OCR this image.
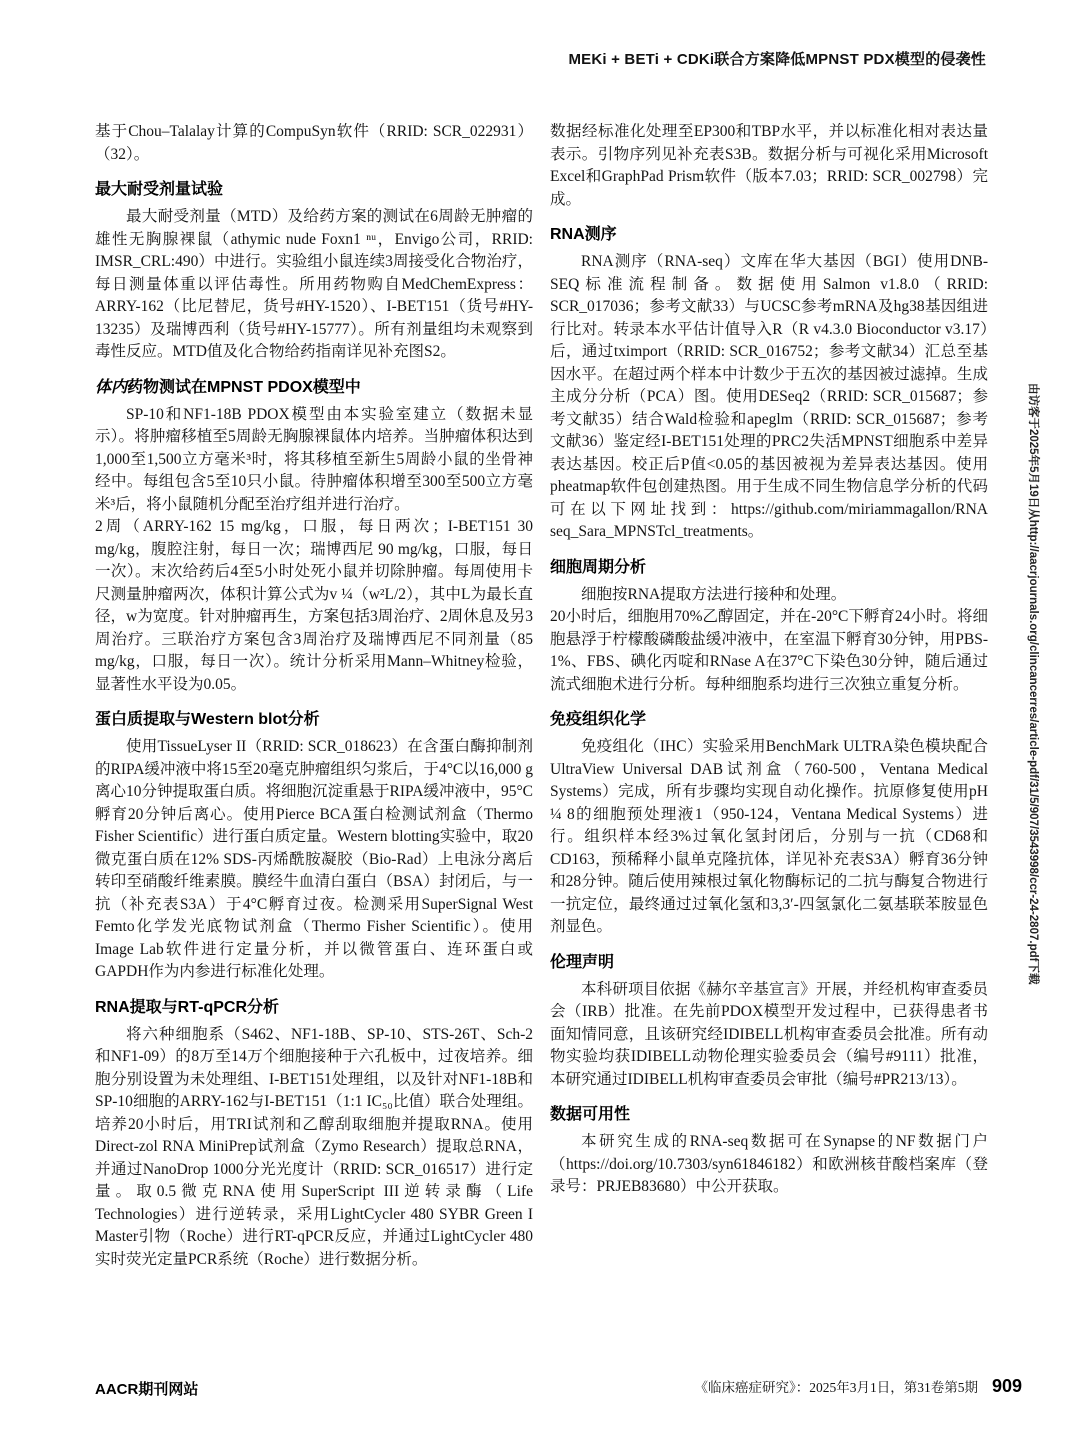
MEKi + BETi + CDKi联合方案降低MPNST PDX模型的侵袭性

基于Chou–Talalay计算的CompuSyn软件（RRID: SCR_022931）（32）。

最大耐受剂量试验

最大耐受剂量（MTD）及给药方案的测试在6周龄无肿瘤的雄性无胸腺裸鼠（athymic nude Foxn1 ⁿᵘ，Envigo公司，RRID: IMSR_CRL:490）中进行。实验组小鼠连续3周接受化合物治疗，每日测量体重以评估毒性。所用药物购自MedChemExpress：ARRY-162（比尼替尼，货号#HY-1520）、I-BET151（货号#HY-13235）及瑞博西利（货号#HY-15777）。所有剂量组均未观察到毒性反应。MTD值及化合物给药指南详见补充图S2。

体内药物测试在MPNST PDOX模型中

SP-10和NF1-18B PDOX模型由本实验室建立（数据未显示）。将肿瘤移植至5周龄无胸腺裸鼠体内培养。当肿瘤体积达到1,000至1,500立方毫米³时，将其移植至新生5周龄小鼠的坐骨神经中。每组包含5至10只小鼠。待肿瘤体积增至300至500立方毫米³后，将小鼠随机分配至治疗组并进行治疗。

2周（ARRY-162 15 mg/kg，口服，每日两次；I-BET151 30 mg/kg，腹腔注射，每日一次；瑞博西尼 90 mg/kg，口服，每日一次）。末次给药后4至5小时处死小鼠并切除肿瘤。每周使用卡尺测量肿瘤两次，体积计算公式为v ¼（w²L/2），其中L为最长直径，w为宽度。针对肿瘤再生，方案包括3周治疗、2周休息及另3周治疗。三联治疗方案包含3周治疗及瑞博西尼不同剂量（85 mg/kg，口服，每日一次）。统计分析采用Mann–Whitney检验，显著性水平设为0.05。

蛋白质提取与Western blot分析

使用TissueLyser II（RRID: SCR_018623）在含蛋白酶抑制剂的RIPA缓冲液中将15至20毫克肿瘤组织匀浆后，于4°C以16,000 g离心10分钟提取蛋白质。将细胞沉淀重悬于RIPA缓冲液中，95°C孵育20分钟后离心。使用Pierce BCA蛋白检测试剂盒（Thermo Fisher Scientific）进行蛋白质定量。Western blotting实验中，取20微克蛋白质在12% SDS-丙烯酰胺凝胶（Bio-Rad）上电泳分离后转印至硝酸纤维素膜。膜经牛血清白蛋白（BSA）封闭后，与一抗（补充表S3A）于4°C孵育过夜。检测采用SuperSignal West Femto化学发光底物试剂盒（Thermo Fisher Scientific）。使用Image Lab软件进行定量分析，并以微管蛋白、连环蛋白或GAPDH作为内参进行标准化处理。

RNA提取与RT-qPCR分析

将六种细胞系（S462、NF1-18B、SP-10、STS-26T、Sch-2和NF1-09）的8万至14万个细胞接种于六孔板中，过夜培养。细胞分别设置为未处理组、I-BET151处理组，以及针对NF1-18B和SP-10细胞的ARRY-162与I-BET151（1:1 IC₅₀比值）联合处理组。培养20小时后，用TRI试剂和乙醇刮取细胞并提取RNA。使用Direct-zol RNA MiniPrep试剂盒（Zymo Research）提取总RNA，并通过NanoDrop 1000分光光度计（RRID: SCR_016517）进行定量。取0.5微克RNA使用SuperScript III逆转录酶（Life Technologies）进行逆转录，采用LightCycler 480 SYBR Green I Master引物（Roche）进行RT-qPCR反应，并通过LightCycler 480实时荧光定量PCR系统（Roche）进行数据分析。

数据经标准化处理至EP300和TBP水平，并以标准化相对表达量表示。引物序列见补充表S3B。数据分析与可视化采用Microsoft Excel和GraphPad Prism软件（版本7.03；RRID: SCR_002798）完成。

RNA测序

RNA测序（RNA-seq）文库在华大基因（BGI）使用DNB-SEQ标准流程制备。数据使用Salmon v1.8.0（RRID: SCR_017036；参考文献33）与UCSC参考mRNA及hg38基因组进行比对。转录本水平估计值导入R（R v4.3.0 Bioconductor v3.17）后，通过tximport（RRID: SCR_016752；参考文献34）汇总至基因水平。在超过两个样本中计数少于五次的基因被过滤掉。生成主成分分析（PCA）图。使用DESeq2（RRID: SCR_015687；参考文献35）结合Wald检验和apeglm（RRID: SCR_015687；参考文献36）鉴定经I-BET151处理的PRC2失活MPNST细胞系中差异表达基因。校正后P值<0.05的基因被视为差异表达基因。使用pheatmap软件包创建热图。用于生成不同生物信息学分析的代码可在以下网址找到：https://github.com/miriammagallon/RNA seq_Sara_MPNSTcl_treatments。

细胞周期分析

细胞按RNA提取方法进行接种和处理。

20小时后，细胞用70%乙醇固定，并在-20°C下孵育24小时。将细胞悬浮于柠檬酸磷酸盐缓冲液中，在室温下孵育30分钟，用PBS-1%、FBS、碘化丙啶和RNase A在37°C下染色30分钟，随后通过流式细胞术进行分析。每种细胞系均进行三次独立重复分析。

免疫组织化学

免疫组化（IHC）实验采用BenchMark ULTRA染色模块配合UltraView Universal DAB试剂盒（760-500，Ventana Medical Systems）完成，所有步骤均实现自动化操作。抗原修复使用pH ¼ 8的细胞预处理液1（950-124，Ventana Medical Systems）进行。组织样本经3%过氧化氢封闭后，分别与一抗（CD68和CD163，预稀释小鼠单克隆抗体，详见补充表S3A）孵育36分钟和28分钟。随后使用辣根过氧化物酶标记的二抗与酶复合物进行一抗定位，最终通过过氧化氢和3,3′-四氢氯化二氨基联苯胺显色剂显色。

伦理声明

本科研项目依据《赫尔辛基宣言》开展，并经机构审查委员会（IRB）批准。在先前PDOX模型开发过程中，已获得患者书面知情同意，且该研究经IDIBELL机构审查委员会批准。所有动物实验均获IDIBELL动物伦理实验委员会（编号#9111）批准，本研究通过IDIBELL机构审查委员会审批（编号#PR213/13）。

数据可用性

本研究生成的RNA-seq数据可在Synapse的NF数据门户（https://doi.org/10.7303/syn61846182）和欧洲核苷酸档案库（登录号：PRJEB83680）中公开获取。

由访客于2025年5月19日从http://aacrjournals.org/clincancerres/article-pdf/31/5/907/3543998/ccr-24-2807.pdf下载
AACR期刊网站	《临床癌症研究》：2025年3月1日，第31卷第5期 909
